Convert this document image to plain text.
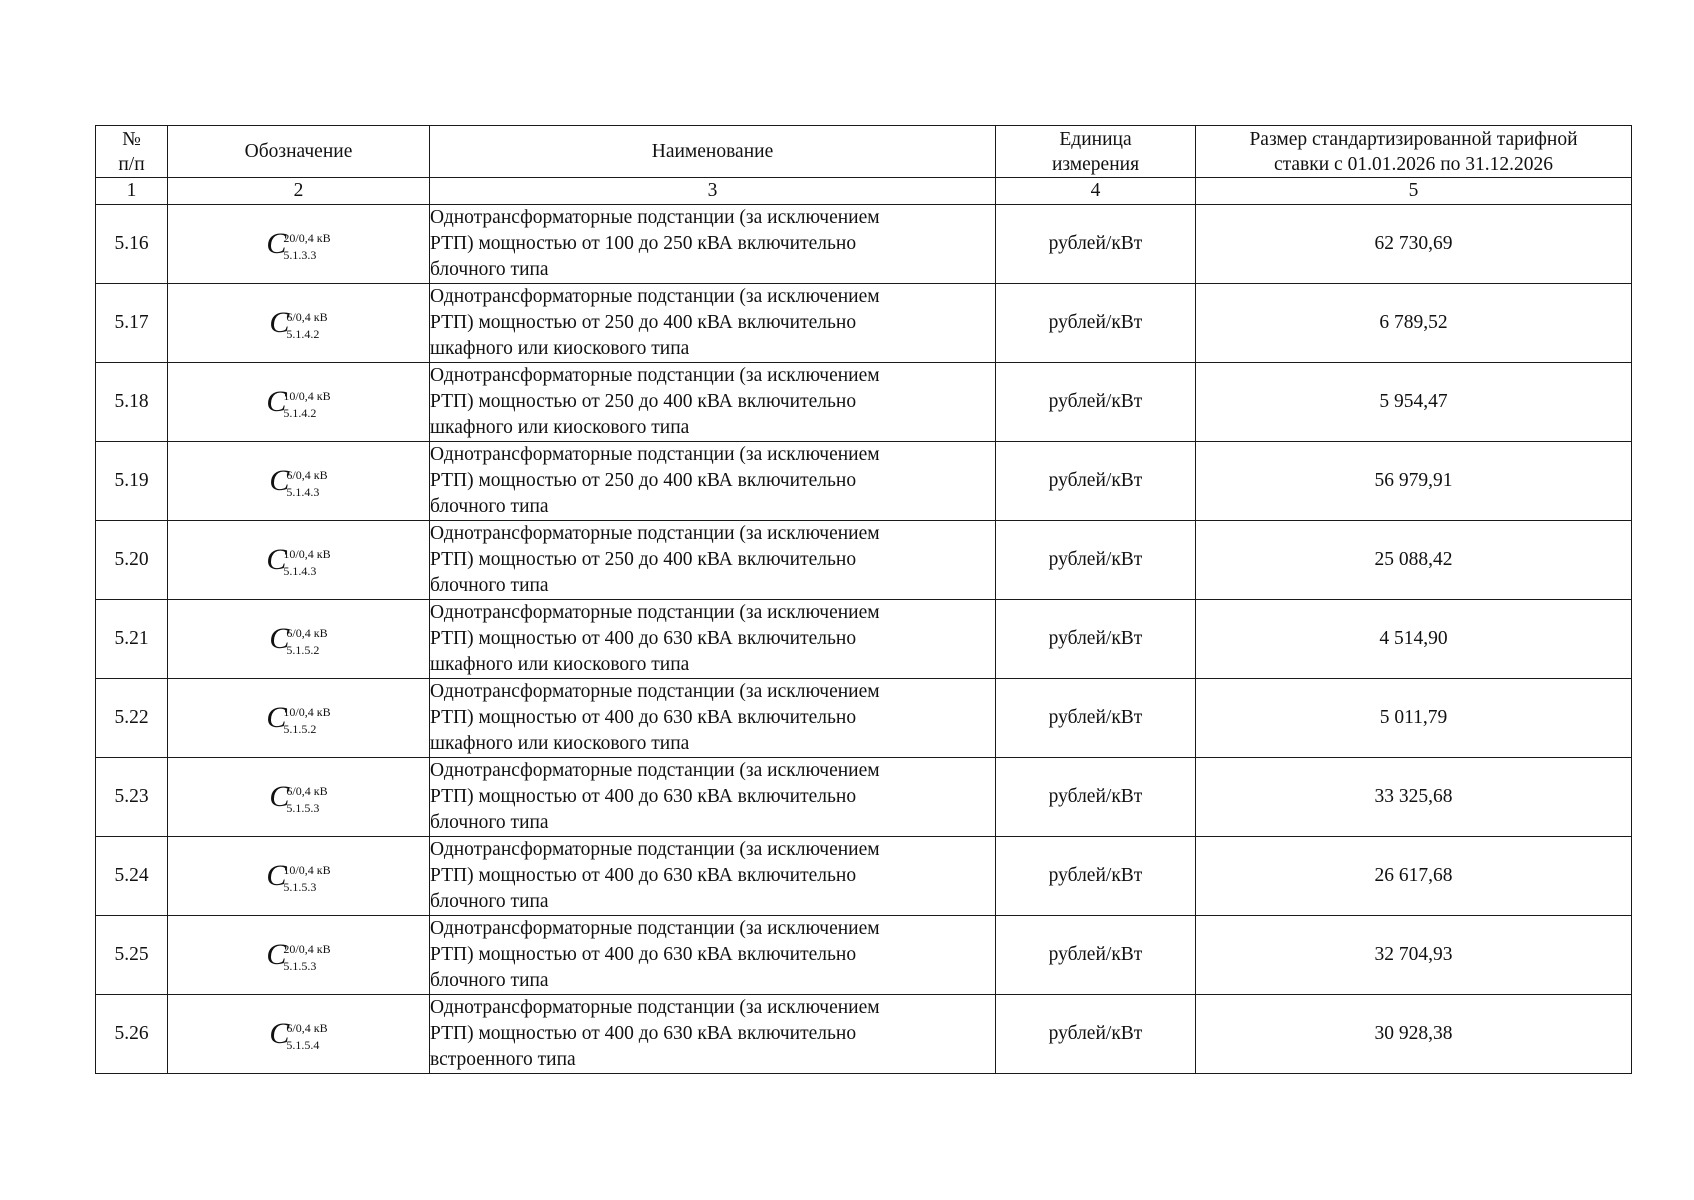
№
п/п	Обозначение	Наименование	Единица
измерения	Размер стандартизированной тарифной
ставки с 01.01.2026 по 31.12.2026
1	2	3	4	5
5.16	C
20/0,4 кВ
5.1.3.3	Однотрансформаторные подстанции (за исключением
РТП) мощностью от 100 до 250 кВА включительно
блочного типа	рублей/кВт	62 730,69
5.17	C
6/0,4 кВ
5.1.4.2	Однотрансформаторные подстанции (за исключением
РТП) мощностью от 250 до 400 кВА включительно
шкафного или киоскового типа	рублей/кВт	6 789,52
5.18	C
10/0,4 кВ
5.1.4.2	Однотрансформаторные подстанции (за исключением
РТП) мощностью от 250 до 400 кВА включительно
шкафного или киоскового типа	рублей/кВт	5 954,47
5.19	C
6/0,4 кВ
5.1.4.3	Однотрансформаторные подстанции (за исключением
РТП) мощностью от 250 до 400 кВА включительно
блочного типа	рублей/кВт	56 979,91
5.20	C
10/0,4 кВ
5.1.4.3	Однотрансформаторные подстанции (за исключением
РТП) мощностью от 250 до 400 кВА включительно
блочного типа	рублей/кВт	25 088,42
5.21	C
6/0,4 кВ
5.1.5.2	Однотрансформаторные подстанции (за исключением
РТП) мощностью от 400 до 630 кВА включительно
шкафного или киоскового типа	рублей/кВт	4 514,90
5.22	C
10/0,4 кВ
5.1.5.2	Однотрансформаторные подстанции (за исключением
РТП) мощностью от 400 до 630 кВА включительно
шкафного или киоскового типа	рублей/кВт	5 011,79
5.23	C
6/0,4 кВ
5.1.5.3	Однотрансформаторные подстанции (за исключением
РТП) мощностью от 400 до 630 кВА включительно
блочного типа	рублей/кВт	33 325,68
5.24	C
10/0,4 кВ
5.1.5.3	Однотрансформаторные подстанции (за исключением
РТП) мощностью от 400 до 630 кВА включительно
блочного типа	рублей/кВт	26 617,68
5.25	C
20/0,4 кВ
5.1.5.3	Однотрансформаторные подстанции (за исключением
РТП) мощностью от 400 до 630 кВА включительно
блочного типа	рублей/кВт	32 704,93
5.26	C
6/0,4 кВ
5.1.5.4	Однотрансформаторные подстанции (за исключением
РТП) мощностью от 400 до 630 кВА включительно
встроенного типа	рублей/кВт	30 928,38
